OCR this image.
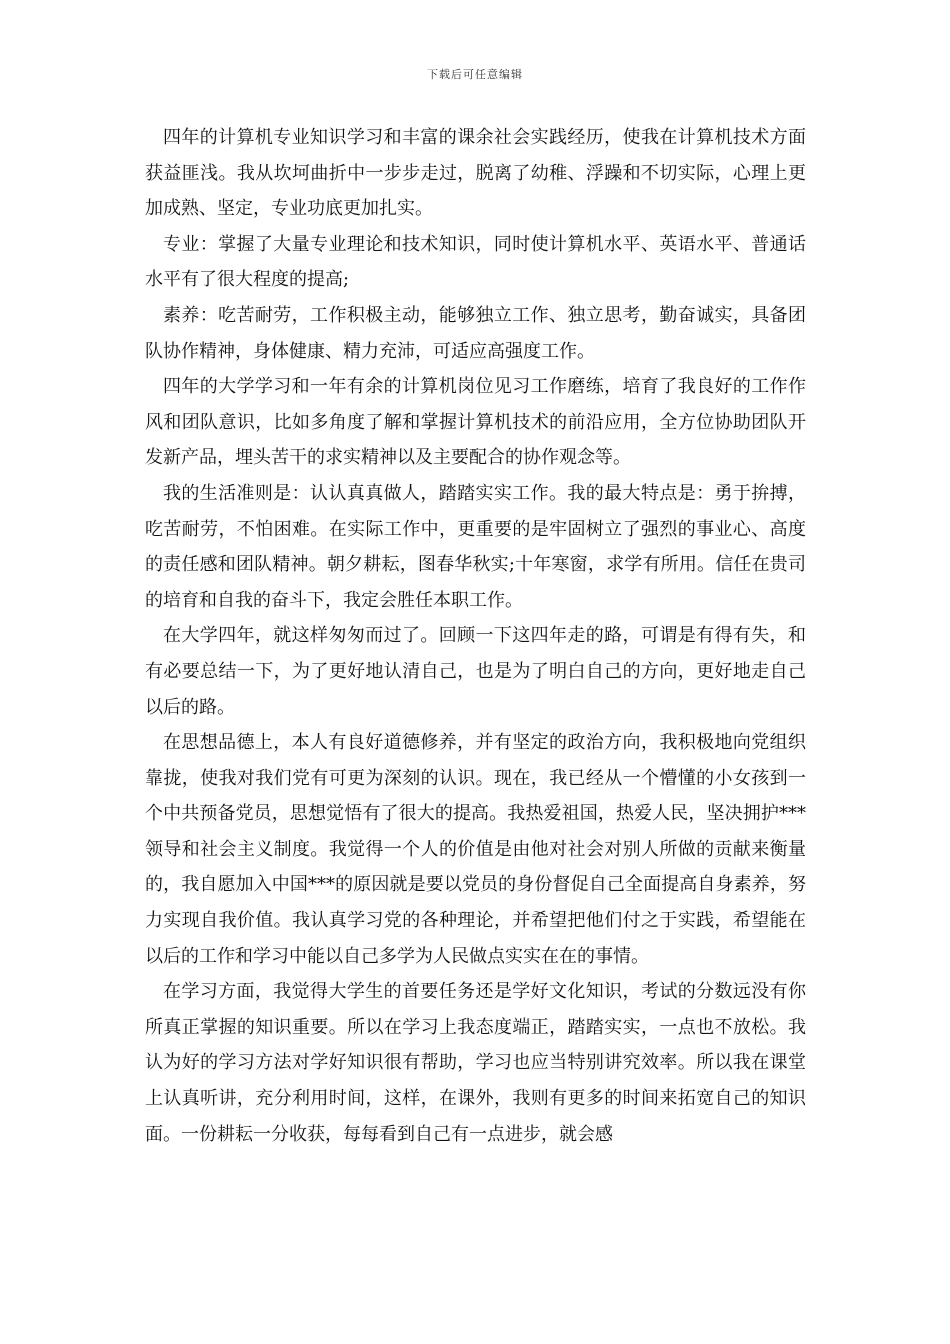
下载后可任意编辑

四年的计算机专业知识学习和丰富的课余社会实践经历，使我在计算机技术方面获益匪浅。我从坎坷曲折中一步步走过，脱离了幼稚、浮躁和不切实际，心理上更加成熟、坚定，专业功底更加扎实。

专业：掌握了大量专业理论和技术知识，同时使计算机水平、英语水平、普通话水平有了很大程度的提高;

素养：吃苦耐劳，工作积极主动，能够独立工作、独立思考，勤奋诚实，具备团队协作精神，身体健康、精力充沛，可适应高强度工作。

四年的大学学习和一年有余的计算机岗位见习工作磨练，培育了我良好的工作作风和团队意识，比如多角度了解和掌握计算机技术的前沿应用，全方位协助团队开发新产品，埋头苦干的求实精神以及主要配合的协作观念等。

我的生活准则是：认认真真做人，踏踏实实工作。我的最大特点是：勇于拚搏，吃苦耐劳，不怕困难。在实际工作中，更重要的是牢固树立了强烈的事业心、高度的责任感和团队精神。朝夕耕耘，图春华秋实;十年寒窗，求学有所用。信任在贵司的培育和自我的奋斗下，我定会胜任本职工作。

在大学四年，就这样匆匆而过了。回顾一下这四年走的路，可谓是有得有失，和有必要总结一下，为了更好地认清自己，也是为了明白自己的方向，更好地走自己以后的路。

在思想品德上，本人有良好道德修养，并有坚定的政治方向，我积极地向党组织靠拢，使我对我们党有可更为深刻的认识。现在，我已经从一个懵懂的小女孩到一个中共预备党员，思想觉悟有了很大的提高。我热爱祖国，热爱人民，坚决拥护***领导和社会主义制度。我觉得一个人的价值是由他对社会对别人所做的贡献来衡量的，我自愿加入中国***的原因就是要以党员的身份督促自己全面提高自身素养，努力实现自我价值。我认真学习党的各种理论，并希望把他们付之于实践，希望能在以后的工作和学习中能以自己多学为人民做点实实在在的事情。

在学习方面，我觉得大学生的首要任务还是学好文化知识，考试的分数远没有你所真正掌握的知识重要。所以在学习上我态度端正，踏踏实实，一点也不放松。我认为好的学习方法对学好知识很有帮助，学习也应当特别讲究效率。所以我在课堂上认真听讲，充分利用时间，这样，在课外，我则有更多的时间来拓宽自己的知识面。一份耕耘一分收获，每每看到自己有一点进步，就会感
